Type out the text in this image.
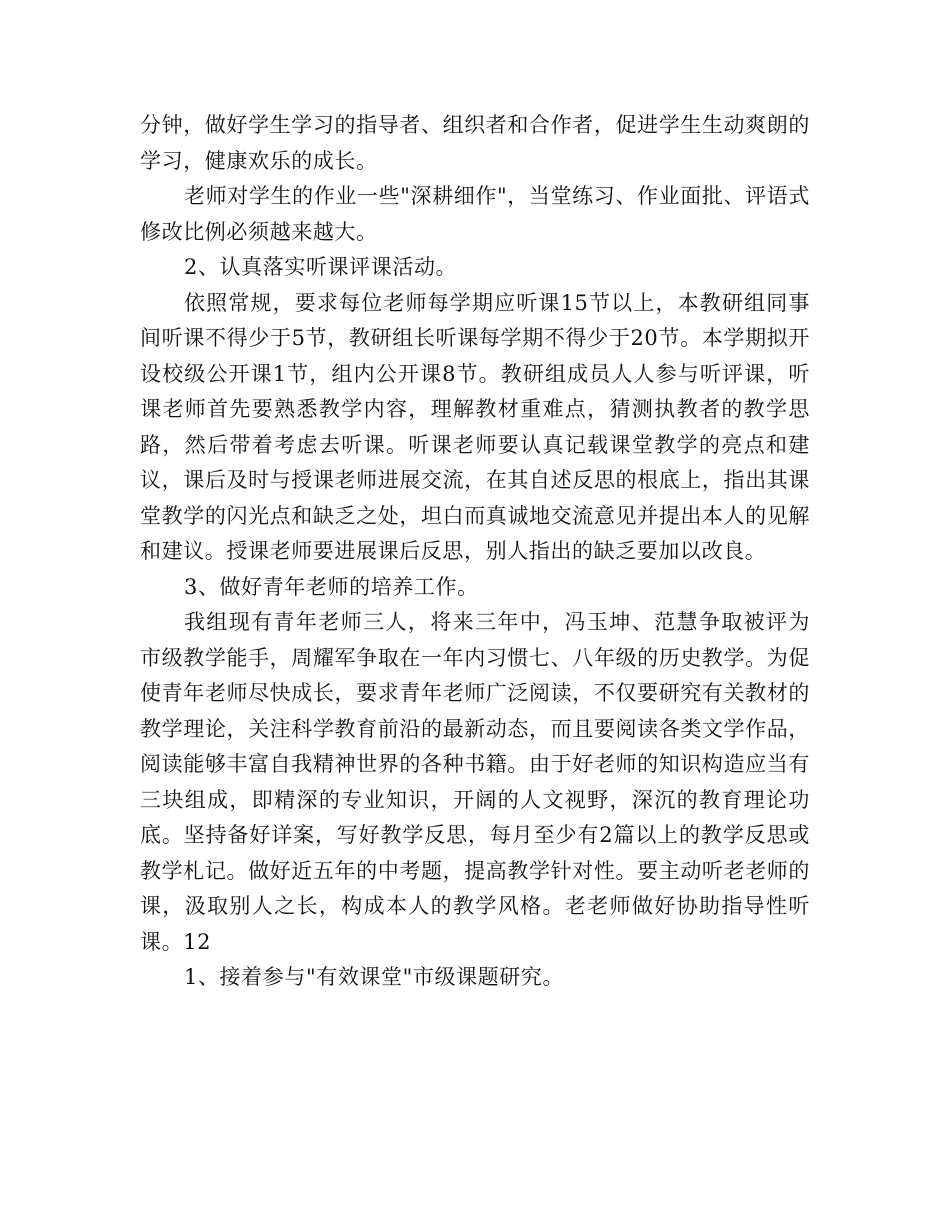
分钟，做好学生学习的指导者、组织者和合作者，促进学生生动爽朗的学习，健康欢乐的成长。

老师对学生的作业一些"深耕细作"，当堂练习、作业面批、评语式修改比例必须越来越大。

2、认真落实听课评课活动。

依照常规，要求每位老师每学期应听课15节以上，本教研组同事间听课不得少于5节，教研组长听课每学期不得少于20节。本学期拟开设校级公开课1节，组内公开课8节。教研组成员人人参与听评课，听课老师首先要熟悉教学内容，理解教材重难点，猜测执教者的教学思路，然后带着考虑去听课。听课老师要认真记载课堂教学的亮点和建议，课后及时与授课老师进展交流，在其自述反思的根底上，指出其课堂教学的闪光点和缺乏之处，坦白而真诚地交流意见并提出本人的见解和建议。授课老师要进展课后反思，别人指出的缺乏要加以改良。

3、做好青年老师的培养工作。

我组现有青年老师三人，将来三年中，冯玉坤、范慧争取被评为市级教学能手，周耀军争取在一年内习惯七、八年级的历史教学。为促使青年老师尽快成长，要求青年老师广泛阅读，不仅要研究有关教材的教学理论，关注科学教育前沿的最新动态，而且要阅读各类文学作品，阅读能够丰富自我精神世界的各种书籍。由于好老师的知识构造应当有三块组成，即精深的专业知识，开阔的人文视野，深沉的教育理论功底。坚持备好详案，写好教学反思，每月至少有2篇以上的教学反思或教学札记。做好近五年的中考题，提高教学针对性。要主动听老老师的课，汲取别人之长，构成本人的教学风格。老老师做好协助指导性听课。12

1、接着参与"有效课堂"市级课题研究。
